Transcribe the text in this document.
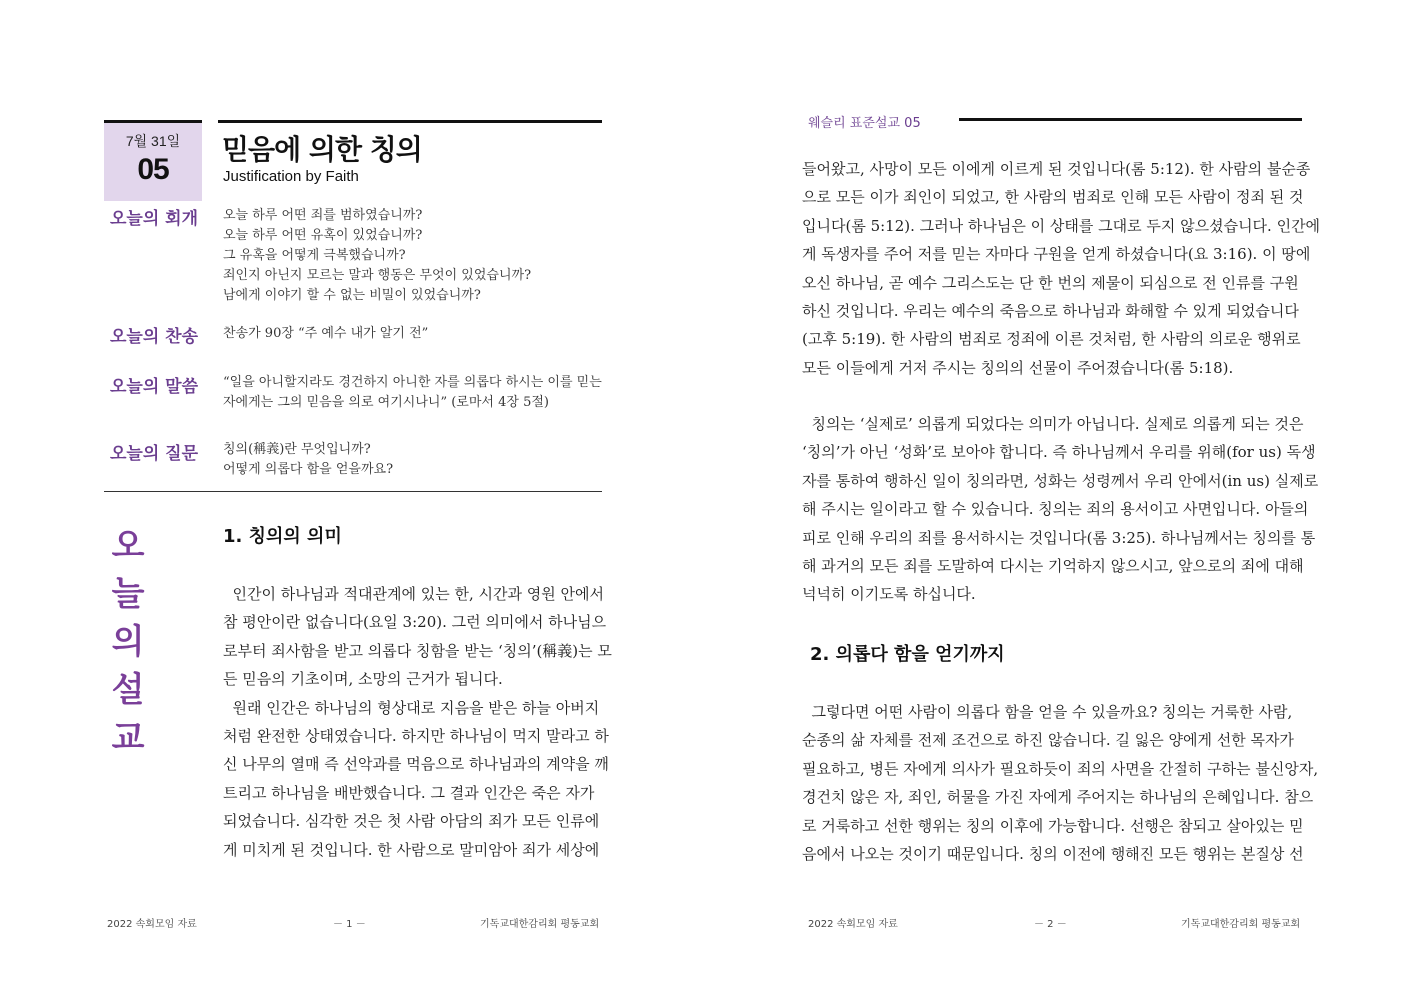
7월 31일
05
믿음에 의한 칭의
Justification by Faith
오늘의 회개 오늘 하루 어떤 죄를 범하였습니까?
오늘 하루 어떤 유혹이 있었습니까?
그 유혹을 어떻게 극복했습니까?
죄인지 아닌지 모르는 말과 행동은 무엇이 있었습니까?
남에게 이야기 할 수 없는 비밀이 있었습니까?
오늘의 찬송 찬송가 90장 “주 예수 내가 알기 전”
오늘의 말씀 “일을 아니할지라도 경건하지 아니한 자를 의롭다 하시는 이를 믿는
자에게는 그의 믿음을 의로 여기시나니” (로마서 4장 5절)
오늘의 질문 칭의(稱義)란 무엇입니까?
어떻게 의롭다 함을 얻을까요?
오
늘
의
설
교
1. 칭의의 의미
인간이 하나님과 적대관계에 있는 한, 시간과 영원 안에서
참 평안이란 없습니다(요일 3:20). 그런 의미에서 하나님으
로부터 죄사함을 받고 의롭다 칭함을 받는 ‘칭의’(稱義)는 모
든 믿음의 기초이며, 소망의 근거가 됩니다.
원래 인간은 하나님의 형상대로 지음을 받은 하늘 아버지
처럼 완전한 상태였습니다. 하지만 하나님이 먹지 말라고 하
신 나무의 열매 즉 선악과를 먹음으로 하나님과의 계약을 깨
트리고 하나님을 배반했습니다. 그 결과 인간은 죽은 자가
되었습니다. 심각한 것은 첫 사람 아담의 죄가 모든 인류에
게 미치게 된 것입니다. 한 사람으로 말미암아 죄가 세상에
2022 속회모임 자료	－ 1 －	기독교대한감리회 평동교회
웨슬리 표준설교 05
들어왔고, 사망이 모든 이에게 이르게 된 것입니다(롬 5:12). 한 사람의 불순종
으로 모든 이가 죄인이 되었고, 한 사람의 범죄로 인해 모든 사람이 정죄 된 것
입니다(롬 5:12). 그러나 하나님은 이 상태를 그대로 두지 않으셨습니다. 인간에
게 독생자를 주어 저를 믿는 자마다 구원을 얻게 하셨습니다(요 3:16). 이 땅에
오신 하나님, 곧 예수 그리스도는 단 한 번의 제물이 되심으로 전 인류를 구원
하신 것입니다. 우리는 예수의 죽음으로 하나님과 화해할 수 있게 되었습니다
(고후 5:19). 한 사람의 범죄로 정죄에 이른 것처럼, 한 사람의 의로운 행위로
모든 이들에게 거저 주시는 칭의의 선물이 주어졌습니다(롬 5:18).
칭의는 ‘실제로’ 의롭게 되었다는 의미가 아닙니다. 실제로 의롭게 되는 것은
‘칭의’가 아닌 ‘성화’로 보아야 합니다. 즉 하나님께서 우리를 위해(for us) 독생
자를 통하여 행하신 일이 칭의라면, 성화는 성령께서 우리 안에서(in us) 실제로
해 주시는 일이라고 할 수 있습니다. 칭의는 죄의 용서이고 사면입니다. 아들의
피로 인해 우리의 죄를 용서하시는 것입니다(롬 3:25). 하나님께서는 칭의를 통
해 과거의 모든 죄를 도말하여 다시는 기억하지 않으시고, 앞으로의 죄에 대해
넉넉히 이기도록 하십니다.
2. 의롭다 함을 얻기까지
그렇다면 어떤 사람이 의롭다 함을 얻을 수 있을까요? 칭의는 거룩한 사람,
순종의 삶 자체를 전제 조건으로 하진 않습니다. 길 잃은 양에게 선한 목자가
필요하고, 병든 자에게 의사가 필요하듯이 죄의 사면을 간절히 구하는 불신앙자,
경건치 않은 자, 죄인, 허물을 가진 자에게 주어지는 하나님의 은혜입니다. 참으
로 거룩하고 선한 행위는 칭의 이후에 가능합니다. 선행은 참되고 살아있는 믿
음에서 나오는 것이기 때문입니다. 칭의 이전에 행해진 모든 행위는 본질상 선
2022 속회모임 자료	－ 2 －	기독교대한감리회 평동교회
